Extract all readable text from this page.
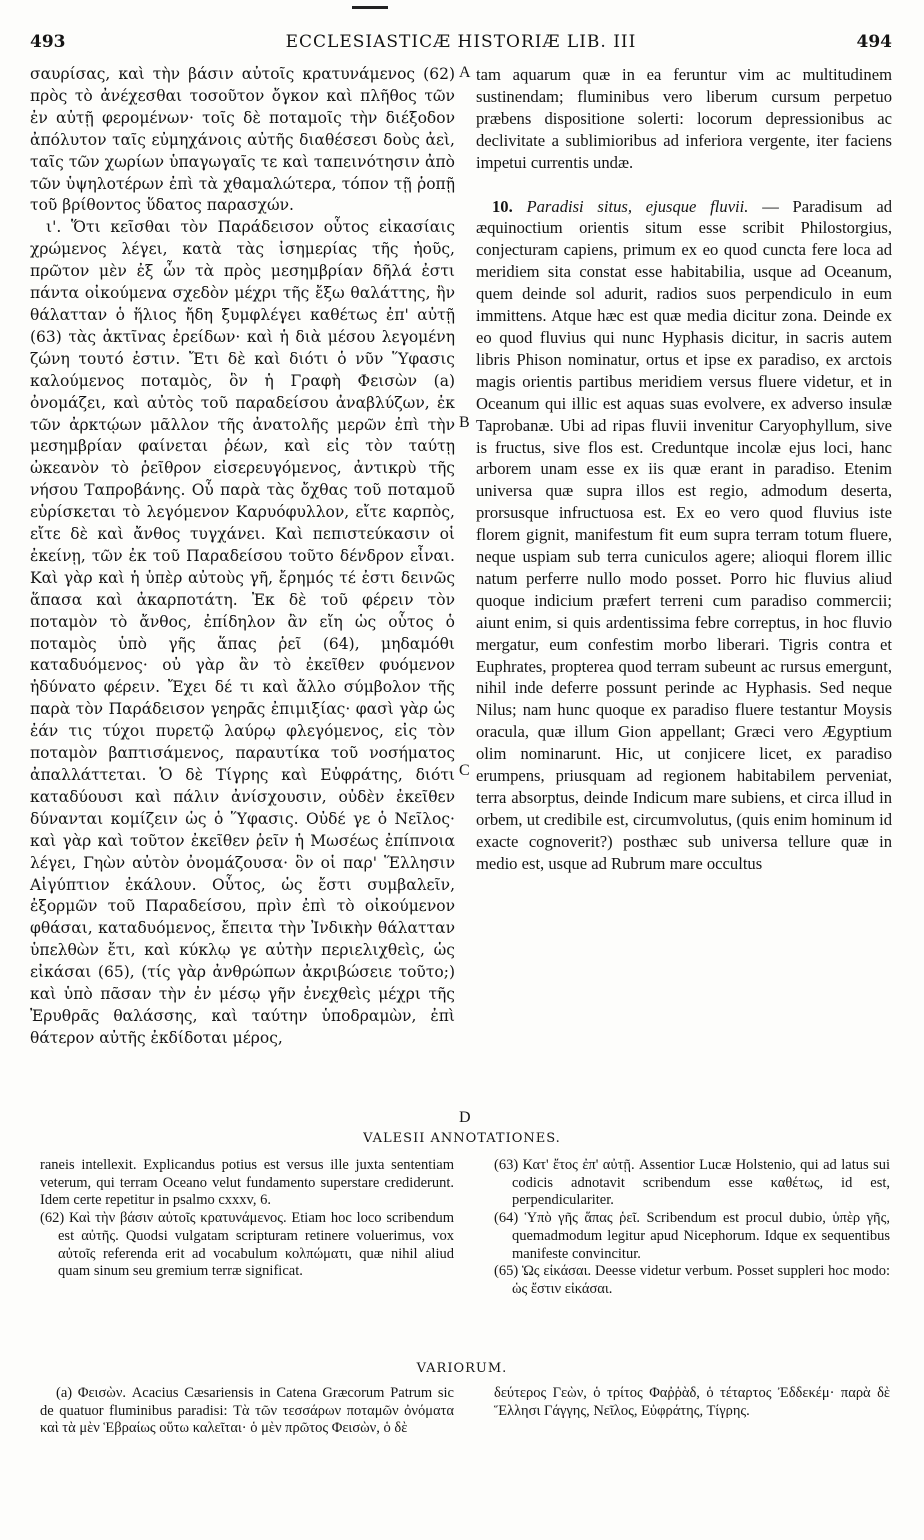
493	ECCLESIASTICÆ HISTORIÆ LIB. III	494

σαυρίσας, καὶ τὴν βάσιν αὐτοῖς κρατυνάμενος (62) πρὸς τὸ ἀνέχεσθαι τοσοῦτον ὄγκον καὶ πλῆθος τῶν ἐν αὐτῇ φερομένων· τοῖς δὲ ποταμοῖς τὴν διέξοδον ἀπόλυτον ταῖς εὐμηχάνοις αὐτῆς διαθέσεσι δοὺς ἀεὶ, ταῖς τῶν χωρίων ὑπαγωγαῖς τε καὶ ταπεινότησιν ἀπὸ τῶν ὑψηλοτέρων ἐπὶ τὰ χθαμαλώτερα, τόπον τῇ ῥοπῇ τοῦ βρίθοντος ὕδατος παρασχών.

ι'. Ὅτι κεῖσθαι τὸν Παράδεισον οὗτος εἰκασίαις χρώμενος λέγει, κατὰ τὰς ἰσημερίας τῆς ἠοῦς, πρῶτον μὲν ἐξ ὧν τὰ πρὸς μεσημβρίαν δῆλά ἐστι πάντα οἰκούμενα σχεδὸν μέχρι τῆς ἔξω θαλάττης, ἣν θάλατταν ὁ ἥλιος ἤδη ξυμφλέγει καθέτως ἐπ' αὐτῇ (63) τὰς ἀκτῖνας ἐρείδων· καὶ ἡ διὰ μέσου λεγομένη ζώνη τουτό ἐστιν. Ἔτι δὲ καὶ διότι ὁ νῦν Ὕφασις καλούμενος ποταμὸς, ὃν ἡ Γραφὴ Φεισὼν (a) ὀνομάζει, καὶ αὐτὸς τοῦ παραδείσου ἀναβλύζων, ἐκ τῶν ἀρκτῴων μᾶλλον τῆς ἀνατολῆς μερῶν ἐπὶ τὴν μεσημβρίαν φαίνεται ῥέων, καὶ εἰς τὸν ταύτῃ ὠκεανὸν τὸ ῥεῖθρον εἰσερευγόμενος, ἀντικρὺ τῆς νήσου Ταπροβάνης. Οὗ παρὰ τὰς ὄχθας τοῦ ποταμοῦ εὑρίσκεται τὸ λεγόμενον Καρυόφυλλον, εἴτε καρπὸς, εἴτε δὲ καὶ ἄνθος τυγχάνει. Καὶ πεπιστεύκασιν οἱ ἐκείνῃ, τῶν ἐκ τοῦ Παραδείσου τοῦτο δένδρον εἶναι. Καὶ γὰρ καὶ ἡ ὑπὲρ αὐτοὺς γῆ, ἔρημός τέ ἐστι δεινῶς ἅπασα καὶ ἀκαρποτάτη. Ἐκ δὲ τοῦ φέρειν τὸν ποταμὸν τὸ ἄνθος, ἐπίδηλον ἂν εἴη ὡς οὗτος ὁ ποταμὸς ὑπὸ γῆς ἅπας ῥεῖ (64), μηδαμόθι καταδυόμενος· οὐ γὰρ ἂν τὸ ἐκεῖθεν φυόμενον ἠδύνατο φέρειν. Ἔχει δέ τι καὶ ἄλλο σύμβολον τῆς παρὰ τὸν Παράδεισον γεηρᾶς ἐπιμιξίας· φασὶ γὰρ ὡς ἐάν τις τύχοι πυρετῷ λαύρῳ φλεγόμενος, εἰς τὸν ποταμὸν βαπτισάμενος, παραυτίκα τοῦ νοσήματος ἀπαλλάττεται. Ὁ δὲ Τίγρης καὶ Εὐφράτης, διότι καταδύουσι καὶ πάλιν ἀνίσχουσιν, οὐδὲν ἐκεῖθεν δύνανται κομίζειν ὡς ὁ Ὕφασις. Οὐδέ γε ὁ Νεῖλος· καὶ γὰρ καὶ τοῦτον ἐκεῖθεν ῥεῖν ἡ Μωσέως ἐπίπνοια λέγει, Γηὼν αὐτὸν ὀνομάζουσα· ὃν οἱ παρ' Ἕλλησιν Αἰγύπτιον ἐκάλουν. Οὗτος, ὡς ἔστι συμβαλεῖν, ἐξορμῶν τοῦ Παραδείσου, πρὶν ἐπὶ τὸ οἰκούμενον φθάσαι, καταδυόμενος, ἔπειτα τὴν Ἰνδικὴν θάλατταν ὑπελθὼν ἔτι, καὶ κύκλῳ γε αὐτὴν περιελιχθεὶς, ὡς εἰκάσαι (65), (τίς γὰρ ἀνθρώπων ἀκριβώσειε τοῦτο;) καὶ ὑπὸ πᾶσαν τὴν ἐν μέσῳ γῆν ἐνεχθεὶς μέχρι τῆς Ἐρυθρᾶς θαλάσσης, καὶ ταύτην ὑποδραμὼν, ἐπὶ θάτερον αὐτῆς ἐκδίδοται μέρος,

A
B
C
D

tam aquarum quæ in ea feruntur vim ac multitudinem sustinendam; fluminibus vero liberum cursum perpetuo præbens dispositione solerti: locorum depressionibus ac declivitate a sublimioribus ad inferiora vergente, iter faciens impetui currentis undæ.

10. Paradisi situs, ejusque fluvii. — Paradisum ad æquinoctium orientis situm esse scribit Philostorgius, conjecturam capiens, primum ex eo quod cuncta fere loca ad meridiem sita constat esse habitabilia, usque ad Oceanum, quem deinde sol adurit, radios suos perpendiculo in eum immittens. Atque hæc est quæ media dicitur zona. Deinde ex eo quod fluvius qui nunc Hyphasis dicitur, in sacris autem libris Phison nominatur, ortus et ipse ex paradiso, ex arctois magis orientis partibus meridiem versus fluere videtur, et in Oceanum qui illic est aquas suas evolvere, ex adverso insulæ Taprobanæ. Ubi ad ripas fluvii invenitur Caryophyllum, sive is fructus, sive flos est. Creduntque incolæ ejus loci, hanc arborem unam esse ex iis quæ erant in paradiso. Etenim universa quæ supra illos est regio, admodum deserta, prorsusque infructuosa est. Ex eo vero quod fluvius iste florem gignit, manifestum fit eum supra terram totum fluere, neque uspiam sub terra cuniculos agere; alioqui florem illic natum perferre nullo modo posset. Porro hic fluvius aliud quoque indicium præfert terreni cum paradiso commercii; aiunt enim, si quis ardentissima febre correptus, in hoc fluvio mergatur, eum confestim morbo liberari. Tigris contra et Euphrates, propterea quod terram subeunt ac rursus emergunt, nihil inde deferre possunt perinde ac Hyphasis. Sed neque Nilus; nam hunc quoque ex paradiso fluere testantur Moysis oracula, quæ illum Gion appellant; Græci vero Ægyptium olim nominarunt. Hic, ut conjicere licet, ex paradiso erumpens, priusquam ad regionem habitabilem perveniat, terra absorptus, deinde Indicum mare subiens, et circa illud in orbem, ut credibile est, circumvolutus, (quis enim hominum id exacte cognoverit?) posthæc sub universa tellure quæ in medio est, usque ad Rubrum mare occultus

VALESII ANNOTATIONES.

raneis intellexit. Explicandus potius est versus ille juxta sententiam veterum, qui terram Oceano velut fundamento superstare crediderunt. Idem certe repetitur in psalmo cxxxv, 6.

(62) Καὶ τὴν βάσιν αὐτοῖς κρατυνάμενος. Etiam hoc loco scribendum est αὐτῆς. Quodsi vulgatam scripturam retinere voluerimus, vox αὐτοῖς referenda erit ad vocabulum κολπώματι, quæ nihil aliud quam sinum seu gremium terræ significat.

(63) Κατ' ἔτος ἐπ' αὐτῇ. Assentior Lucæ Holstenio, qui ad latus sui codicis adnotavit scribendum esse καθέτως, id est, perpendiculariter.

(64) Ὑπὸ γῆς ἅπας ῥεῖ. Scribendum est procul dubio, ὑπὲρ γῆς, quemadmodum legitur apud Nicephorum. Idque ex sequentibus manifeste convincitur.

(65) Ὡς εἰκάσαι. Deesse videtur verbum. Posset suppleri hoc modo: ὡς ἔστιν εἰκάσαι.

VARIORUM.

(a) Φεισὼν. Acacius Cæsariensis in Catena Græcorum Patrum sic de quatuor fluminibus paradisi: Τὰ τῶν τεσσάρων ποταμῶν ὀνόματα καὶ τὰ μὲν Ἑβραίως οὕτω καλεῖται· ὁ μὲν πρῶτος Φεισὼν, ὁ δὲ

δεύτερος Γεὼν, ὁ τρίτος Φαῤῥὰδ, ὁ τέταρτος Ἐδδεκέμ· παρὰ δὲ Ἕλλησι Γάγγης, Νεῖλος, Εὐφράτης, Τίγρης.
